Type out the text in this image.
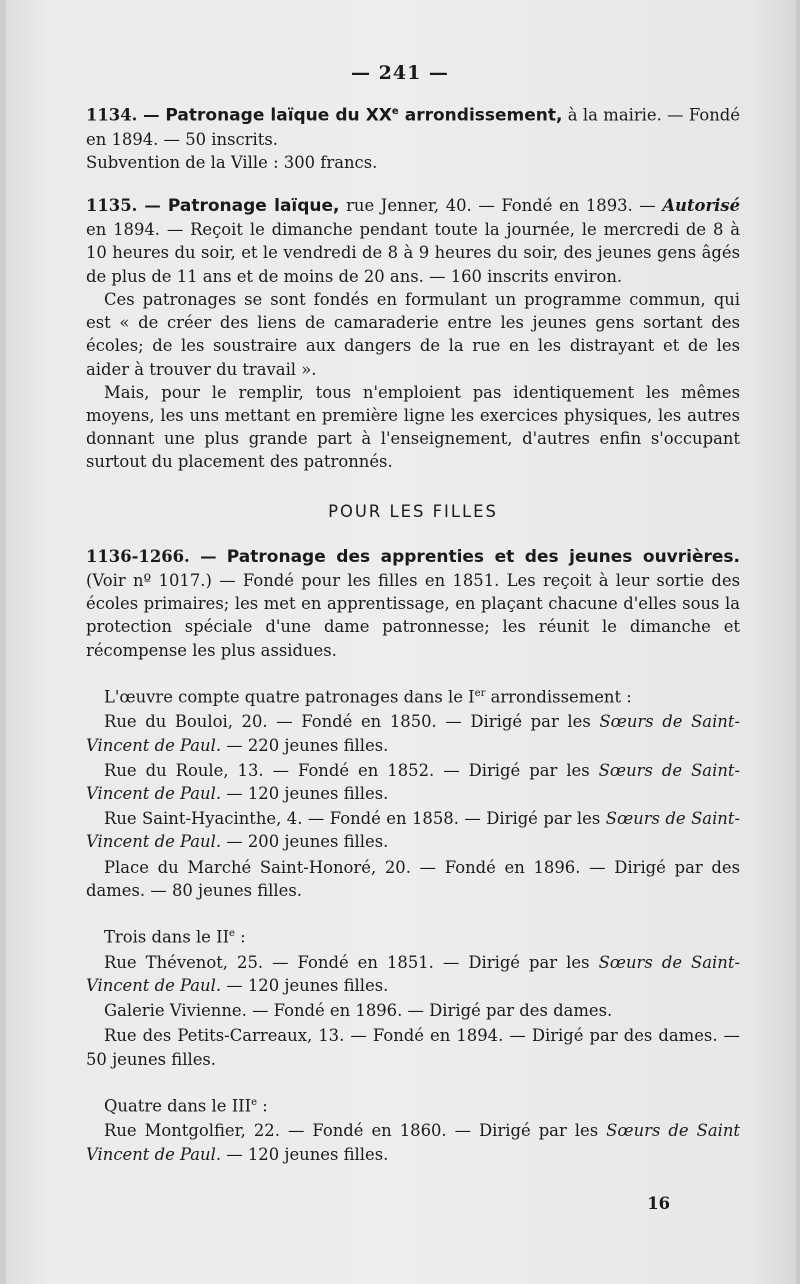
— 241 —

1134. — Patronage laïque du XXe arrondissement, à la mairie. — Fondé en 1894. — 50 inscrits.

Subvention de la Ville : 300 francs.

1135. — Patronage laïque, rue Jenner, 40. — Fondé en 1893. — Autorisé en 1894. — Reçoit le dimanche pendant toute la journée, le mercredi de 8 à 10 heures du soir, et le vendredi de 8 à 9 heures du soir, des jeunes gens âgés de plus de 11 ans et de moins de 20 ans. — 160 inscrits environ.

Ces patronages se sont fondés en formulant un programme commun, qui est « de créer des liens de camaraderie entre les jeunes gens sortant des écoles; de les soustraire aux dangers de la rue en les distrayant et de les aider à trouver du travail ».

Mais, pour le remplir, tous n'emploient pas identiquement les mêmes moyens, les uns mettant en première ligne les exercices physiques, les autres donnant une plus grande part à l'enseignement, d'autres enfin s'occupant surtout du placement des patronnés.

POUR LES FILLES

1136-1266. — Patronage des apprenties et des jeunes ouvrières. (Voir nº 1017.) — Fondé pour les filles en 1851. Les reçoit à leur sortie des écoles primaires; les met en apprentissage, en plaçant chacune d'elles sous la protection spéciale d'une dame patronnesse; les réunit le dimanche et récompense les plus assidues.

L'œuvre compte quatre patronages dans le Ier arrondissement :

Rue du Bouloi, 20. — Fondé en 1850. — Dirigé par les Sœurs de Saint-Vincent de Paul. — 220 jeunes filles.

Rue du Roule, 13. — Fondé en 1852. — Dirigé par les Sœurs de Saint-Vincent de Paul. — 120 jeunes filles.

Rue Saint-Hyacinthe, 4. — Fondé en 1858. — Dirigé par les Sœurs de Saint-Vincent de Paul. — 200 jeunes filles.

Place du Marché Saint-Honoré, 20. — Fondé en 1896. — Dirigé par des dames. — 80 jeunes filles.

Trois dans le IIe :

Rue Thévenot, 25. — Fondé en 1851. — Dirigé par les Sœurs de Saint-Vincent de Paul. — 120 jeunes filles.

Galerie Vivienne. — Fondé en 1896. — Dirigé par des dames.

Rue des Petits-Carreaux, 13. — Fondé en 1894. — Dirigé par des dames. — 50 jeunes filles.

Quatre dans le IIIe :

Rue Montgolfier, 22. — Fondé en 1860. — Dirigé par les Sœurs de Saint Vincent de Paul. — 120 jeunes filles.

16
